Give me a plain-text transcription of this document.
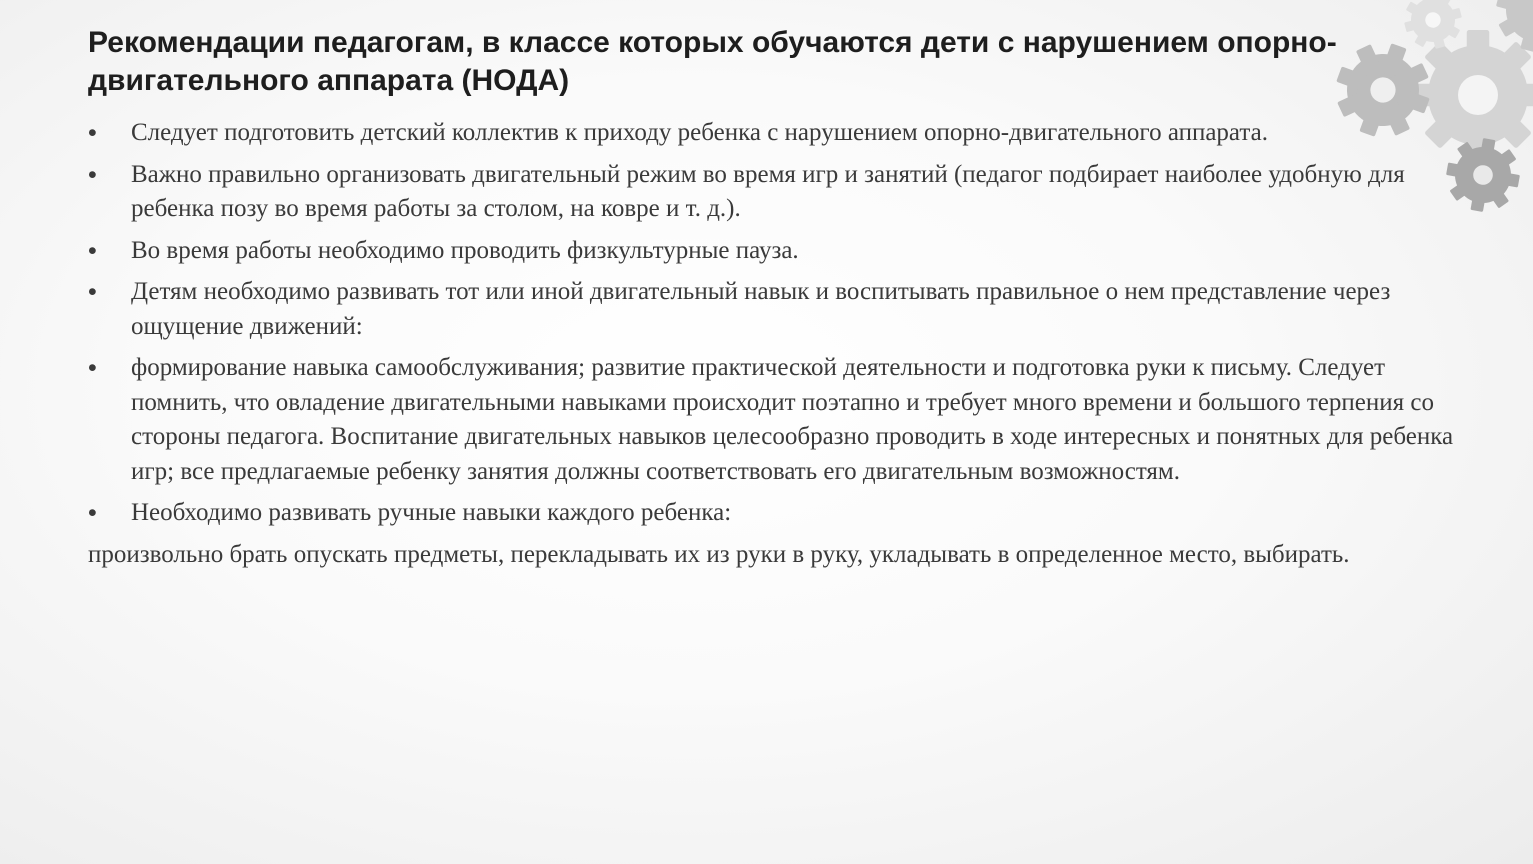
Рекомендации педагогам, в классе которых обучаются дети с нарушением опорно-двигательного аппарата (НОДА)
•	Следует подготовить детский коллектив к приходу ребенка с нарушением опорно-двигательного аппарата.
•	Важно правильно организовать двигательный режим во время игр и занятий (педагог подбирает наиболее удобную для ребенка позу во время работы за столом, на ковре и т. д.).
•	Во время работы необходимо проводить физкультурные пауза.
•	Детям необходимо развивать тот или иной двигательный навык и воспитывать правильное о нем представление через ощущение движений:
•	формирование навыка самообслуживания; развитие практической деятельности и подготовка руки к письму. Следует помнить, что овладение двигательными навыками происходит поэтапно и требует много времени и большого терпения со стороны педагога. Воспитание двигательных навыков целесообразно проводить в ходе интересных и понятных для ребенка игр; все предлагаемые ребенку занятия должны соответствовать его двигательным возможностям.
•	Необходимо развивать ручные навыки каждого ребенка:

произвольно брать опускать предметы, перекладывать их из руки в руку, укладывать в определенное место, выбирать.
